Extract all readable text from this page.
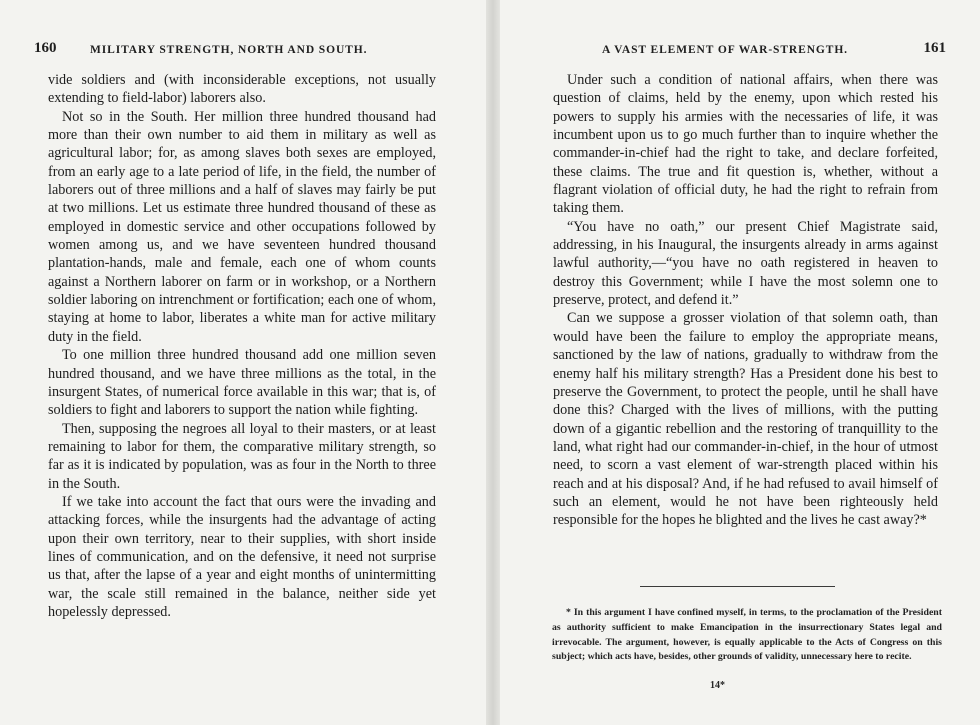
160	MILITARY STRENGTH, NORTH AND SOUTH.

vide soldiers and (with inconsiderable exceptions, not usually extending to field-labor) laborers also.

Not so in the South. Her million three hundred thousand had more than their own number to aid them in military as well as agricultural labor; for, as among slaves both sexes are employed, from an early age to a late period of life, in the field, the number of laborers out of three millions and a half of slaves may fairly be put at two millions. Let us estimate three hundred thousand of these as employed in domestic service and other occupations followed by women among us, and we have seventeen hundred thousand plantation-hands, male and female, each one of whom counts against a Northern laborer on farm or in workshop, or a Northern soldier laboring on intrenchment or fortification; each one of whom, staying at home to labor, liberates a white man for active military duty in the field.

To one million three hundred thousand add one million seven hundred thousand, and we have three millions as the total, in the insurgent States, of numerical force available in this war; that is, of soldiers to fight and laborers to support the nation while fighting.

Then, supposing the negroes all loyal to their masters, or at least remaining to labor for them, the comparative military strength, so far as it is indicated by population, was as four in the North to three in the South.

If we take into account the fact that ours were the invading and attacking forces, while the insurgents had the advantage of acting upon their own territory, near to their supplies, with short inside lines of communication, and on the defensive, it need not surprise us that, after the lapse of a year and eight months of unintermitting war, the scale still remained in the balance, neither side yet hopelessly depressed.

A VAST ELEMENT OF WAR-STRENGTH.	161

Under such a condition of national affairs, when there was question of claims, held by the enemy, upon which rested his powers to supply his armies with the necessaries of life, it was incumbent upon us to go much further than to inquire whether the commander-in-chief had the right to take, and declare forfeited, these claims. The true and fit question is, whether, without a flagrant violation of official duty, he had the right to refrain from taking them.

“You have no oath,” our present Chief Magistrate said, addressing, in his Inaugural, the insurgents already in arms against lawful authority,—“you have no oath registered in heaven to destroy this Government; while I have the most solemn one to preserve, protect, and defend it.”

Can we suppose a grosser violation of that solemn oath, than would have been the failure to employ the appropriate means, sanctioned by the law of nations, gradually to withdraw from the enemy half his military strength? Has a President done his best to preserve the Government, to protect the people, until he shall have done this? Charged with the lives of millions, with the putting down of a gigantic rebellion and the restoring of tranquillity to the land, what right had our commander-in-chief, in the hour of utmost need, to scorn a vast element of war-strength placed within his reach and at his disposal? And, if he had refused to avail himself of such an element, would he not have been righteously held responsible for the hopes he blighted and the lives he cast away?*

* In this argument I have confined myself, in terms, to the proclamation of the President as authority sufficient to make Emancipation in the insurrectionary States legal and irrevocable. The argument, however, is equally applicable to the Acts of Congress on this subject; which acts have, besides, other grounds of validity, unnecessary here to recite.

14*
